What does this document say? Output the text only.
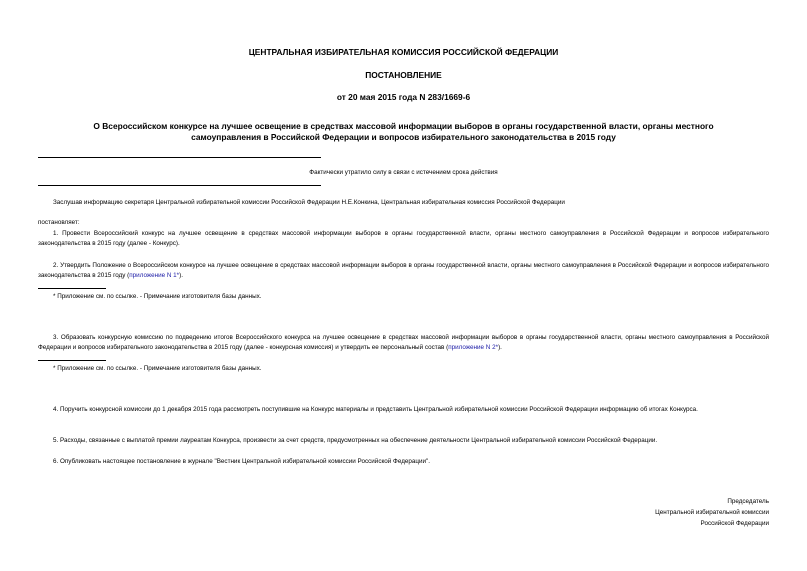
ЦЕНТРАЛЬНАЯ ИЗБИРАТЕЛЬНАЯ КОМИССИЯ РОССИЙСКОЙ ФЕДЕРАЦИИ
ПОСТАНОВЛЕНИЕ
от 20 мая 2015 года N 283/1669-6
О Всероссийском конкурсе на лучшее освещение в средствах массовой информации выборов в органы государственной власти, органы местного
самоуправления в Российской Федерации и вопросов избирательного законодательства в 2015 году
Фактически утратило силу в связи с истечением срока действия
Заслушав информацию секретаря Центральной избирательной комиссии Российской Федерации Н.Е.Конкина, Центральная избирательная комиссия Российской Федерации
постановляет:
1. Провести Всероссийский конкурс на лучшее освещение в средствах массовой информации выборов в органы государственной власти, органы местного самоуправления в Российской Федерации и вопросов избирательного законодательства в 2015 году (далее - Конкурс).
2. Утвердить Положение о Всероссийском конкурсе на лучшее освещение в средствах массовой информации выборов в органы государственной власти, органы местного самоуправления в Российской Федерации и вопросов избирательного законодательства в 2015 году (приложение N 1*).
* Приложение см. по ссылке. - Примечание изготовителя базы данных.
3. Образовать конкурсную комиссию по подведению итогов Всероссийского конкурса на лучшее освещение в средствах массовой информации выборов в органы государственной власти, органы местного самоуправления в Российской Федерации и вопросов избирательного законодательства в 2015 году (далее - конкурсная комиссия) и утвердить ее персональный состав (приложение N 2*).
* Приложение см. по ссылке. - Примечание изготовителя базы данных.
4. Поручить конкурсной комиссии до 1 декабря 2015 года рассмотреть поступившие на Конкурс материалы и представить Центральной избирательной комиссии Российской Федерации информацию об итогах Конкурса.
5. Расходы, связанные с выплатой премии лауреатам Конкурса, произвести за счет средств, предусмотренных на обеспечение деятельности Центральной избирательной комиссии Российской Федерации.
6. Опубликовать настоящее постановление в журнале "Вестник Центральной избирательной комиссии Российской Федерации".
Председатель
Центральной избирательной комиссии
Российской Федерации
